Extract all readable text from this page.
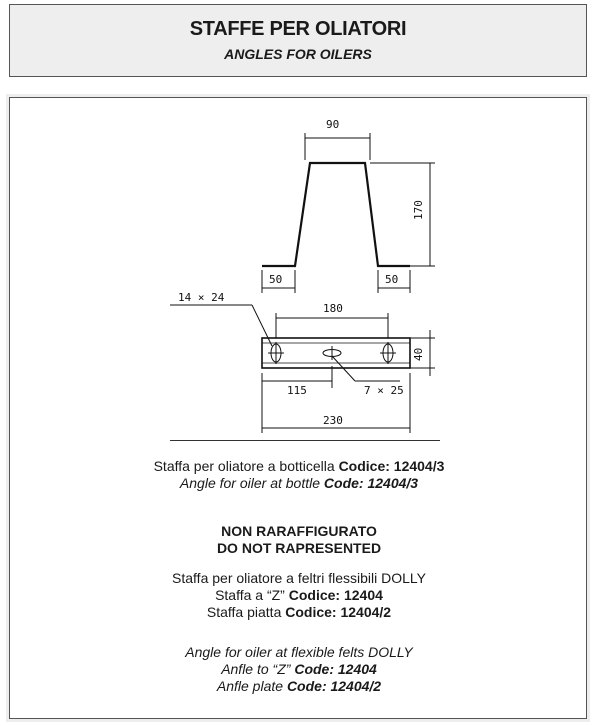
STAFFE PER OLIATORI
ANGLES FOR OILERS
90
170
50	50
180
14 × 24
40
115	7 × 25
230
Staffa per oliatore a botticella Codice: 12404/3
Angle for oiler at bottle Code: 12404/3
NON RARAFFIGURATO
DO NOT RAPRESENTED
Staffa per oliatore a feltri flessibili DOLLY
Staffa a “Z” Codice: 12404
Staffa piatta Codice: 12404/2
Angle for oiler at flexible felts DOLLY
Anfle to “Z” Code: 12404
Anfle plate Code: 12404/2
